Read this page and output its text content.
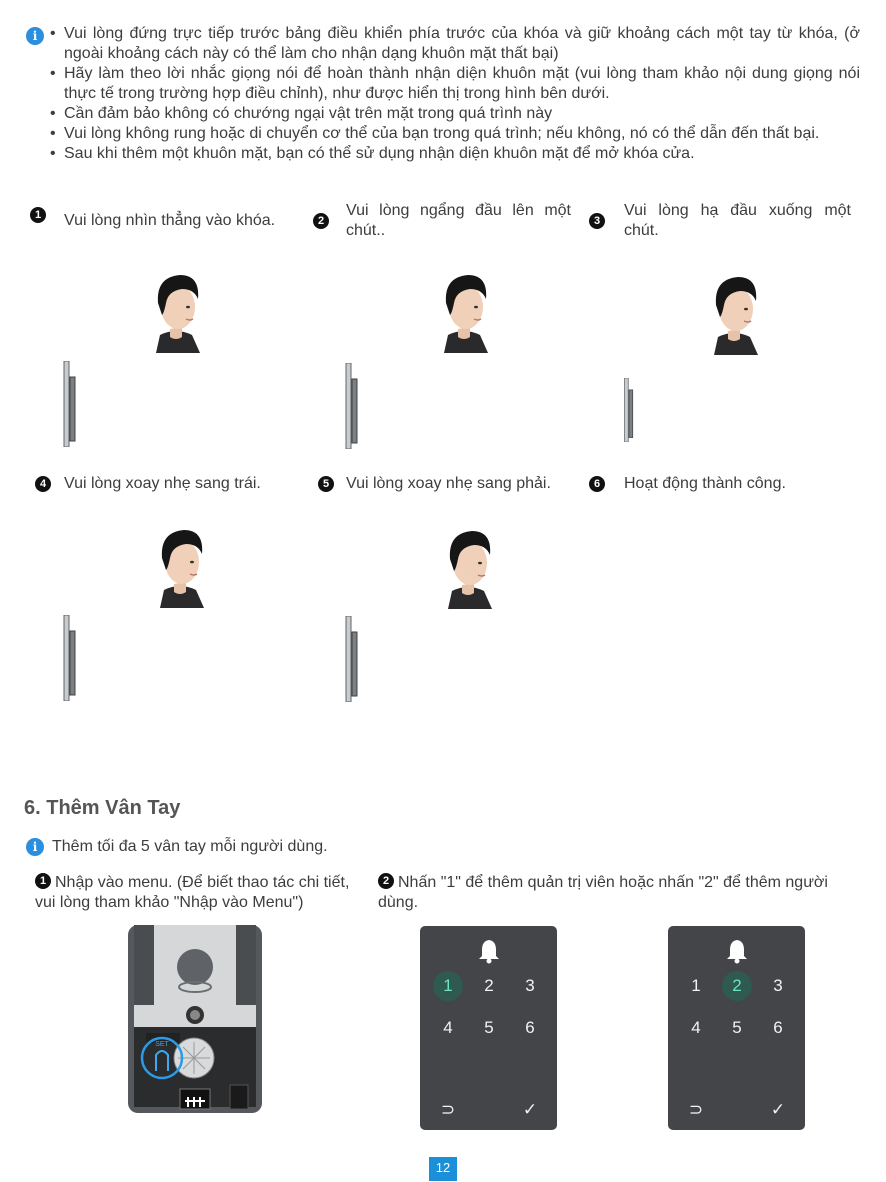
i
•	Vui lòng đứng trực tiếp trước bảng điều khiển phía trước của khóa và giữ khoảng cách một tay từ khóa, (ở ngoài khoảng cách này có thể làm cho nhận dạng khuôn mặt thất bại)
• Hãy làm theo lời nhắc giọng nói để hoàn thành nhận diện khuôn mặt (vui lòng tham khảo nội dung giọng nói thực tế trong trường hợp điều chỉnh), như được hiển thị trong hình bên dưới.
• Cần đảm bảo không có chướng ngại vật trên mặt trong quá trình này
• Vui lòng không rung hoặc di chuyển cơ thể của bạn trong quá trình; nếu không, nó có thể dẫn đến thất bại.
• Sau khi thêm một khuôn mặt, bạn có thể sử dụng nhận diện khuôn mặt để mở khóa cửa.
1	Vui lòng nhìn thẳng vào khóa.	2
Vui lòng ngẩng đầu lên một chút..
3
Vui lòng hạ đầu xuống một chút.
4	Vui lòng xoay nhẹ sang trái.	5	Vui lòng xoay nhẹ sang phải.	6	Hoạt động thành công.
6. Thêm Vân Tay
i Thêm tối đa 5 vân tay mỗi người dùng.
1 Nhập vào menu. (Để biết thao tác chi tiết, vui lòng tham khảo "Nhập vào Menu")
2 Nhấn "1" để thêm quản trị viên hoặc nhấn "2" để thêm người dùng.
SET
1	2	3
4	5	6
⊃	✓
1	2	3
4	5	6
⊃	✓
12
